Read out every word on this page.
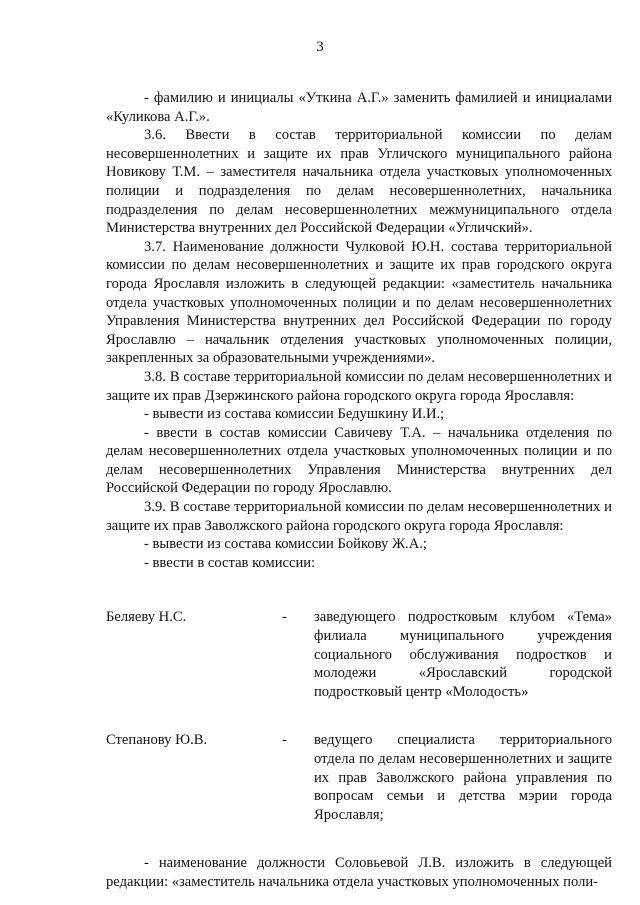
3

- фамилию и инициалы «Уткина А.Г.» заменить фамилией и инициалами «Куликова А.Г.».

3.6. Ввести в состав территориальной комиссии по делам несовершеннолетних и защите их прав Угличского муниципального района Новикову Т.М. – заместителя начальника отдела участковых уполномоченных полиции и подразделения по делам несовершеннолетних, начальника подразделения по делам несовершеннолетних межмуниципального отдела Министерства внутренних дел Российской Федерации «Угличский».

3.7. Наименование должности Чулковой Ю.Н. состава территориальной комиссии по делам несовершеннолетних и защите их прав городского округа города Ярославля изложить в следующей редакции: «заместитель начальника отдела участковых уполномоченных полиции и по делам несовершеннолетних Управления Министерства внутренних дел Российской Федерации по городу Ярославлю – начальник отделения участковых уполномоченных полиции, закрепленных за образовательными учреждениями».

3.8. В составе территориальной комиссии по делам несовершеннолетних и защите их прав Дзержинского района городского округа города Ярославля:

- вывести из состава комиссии Бедушкину И.И.;

- ввести в состав комиссии Савичеву Т.А. – начальника отделения по делам несовершеннолетних отдела участковых уполномоченных полиции и по делам несовершеннолетних Управления Министерства внутренних дел Российской Федерации по городу Ярославлю.

3.9. В составе территориальной комиссии по делам несовершеннолетних и защите их прав Заволжского района городского округа города Ярославля:

- вывести из состава комиссии Бойкову Ж.А.;

- ввести в состав комиссии:

Беляеву Н.С.	-	заведующего подростковым клубом «Тема» филиала муниципального учреждения социального обслуживания подростков и молодежи «Ярославский городской подростковый центр «Молодость»
Степанову Ю.В.	-	ведущего специалиста территориального отдела по делам несовершеннолетних и защите их прав Заволжского района управления по вопросам семьи и детства мэрии города Ярославля;

- наименование должности Соловьевой Л.В. изложить в следующей редакции: «заместитель начальника отдела участковых уполномоченных поли-
